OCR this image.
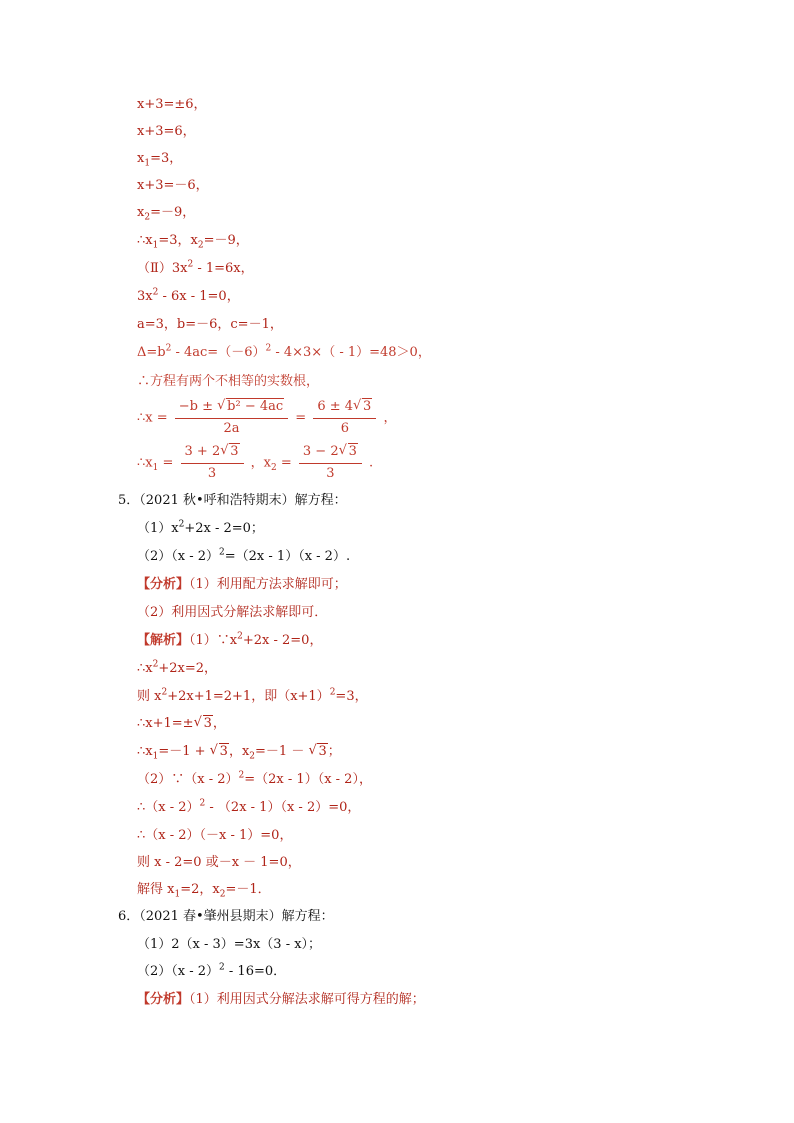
x+3=±6，
x+3=6，
$x_1=3$，
x+3=－6，
$x_2=-9$，
$\therefore x_1=3$，$x_2=-9$，
$(Ⅱ)3x^2 - 1=6x$，
$3x^2 - 6x - 1=0$，
a=3，b=－6，c=－1，
$\Delta=b^2 - 4ac=(-6)^2 - 4\times 3\times( - 1)=48>0$，
∴方程有两个不相等的实数根，
∴x = $\frac{\text{−b ± √ b² − 4ac}}{2a} = \frac{6 \pm 4 √ 3}{6}$ ，
$\therefore x_1 = \frac{3 + 2 √ 3}{3}$ ，$x_2 = \frac{3 - 2 √ 3}{3}$ .
5．（2021 秋•呼和浩特期末）解方程：
$(1)x^2+2x - 2=0$；
（2）（x - 2）$^2$=（2x - 1）（x - 2）.
【分析】（1）利用配方法求解即可；
（2）利用因式分解法求解即可．
【解析】$(1)\because x^2+2x - 2=0$，
$\therefore x^2+2x=2$，
则 $x^2+2x+1=2+1$，即$(x+1)^2=3$，
∴x+1=± √ 3，
$\therefore x_1=-1$ + √ 3，$x_2=-1$ － √ 3；
（2）∵（x - 2）$^2$=（2x - 1）（x - 2），
∴（x - 2）$^2$ - （2x - 1）（x - 2）=0，
∴（x - 2）（－x - 1）=0，
则 x - 2=0 或－x － 1=0，
解得 $x_1=2$，$x_2=-1$．
6．（2021 春•肇州县期末）解方程：
（1）2（x - 3）=3x（3 - x）；
（2）（x - 2）$^2$ - 16=0．
【分析】（1）利用因式分解法求解可得方程的解；
